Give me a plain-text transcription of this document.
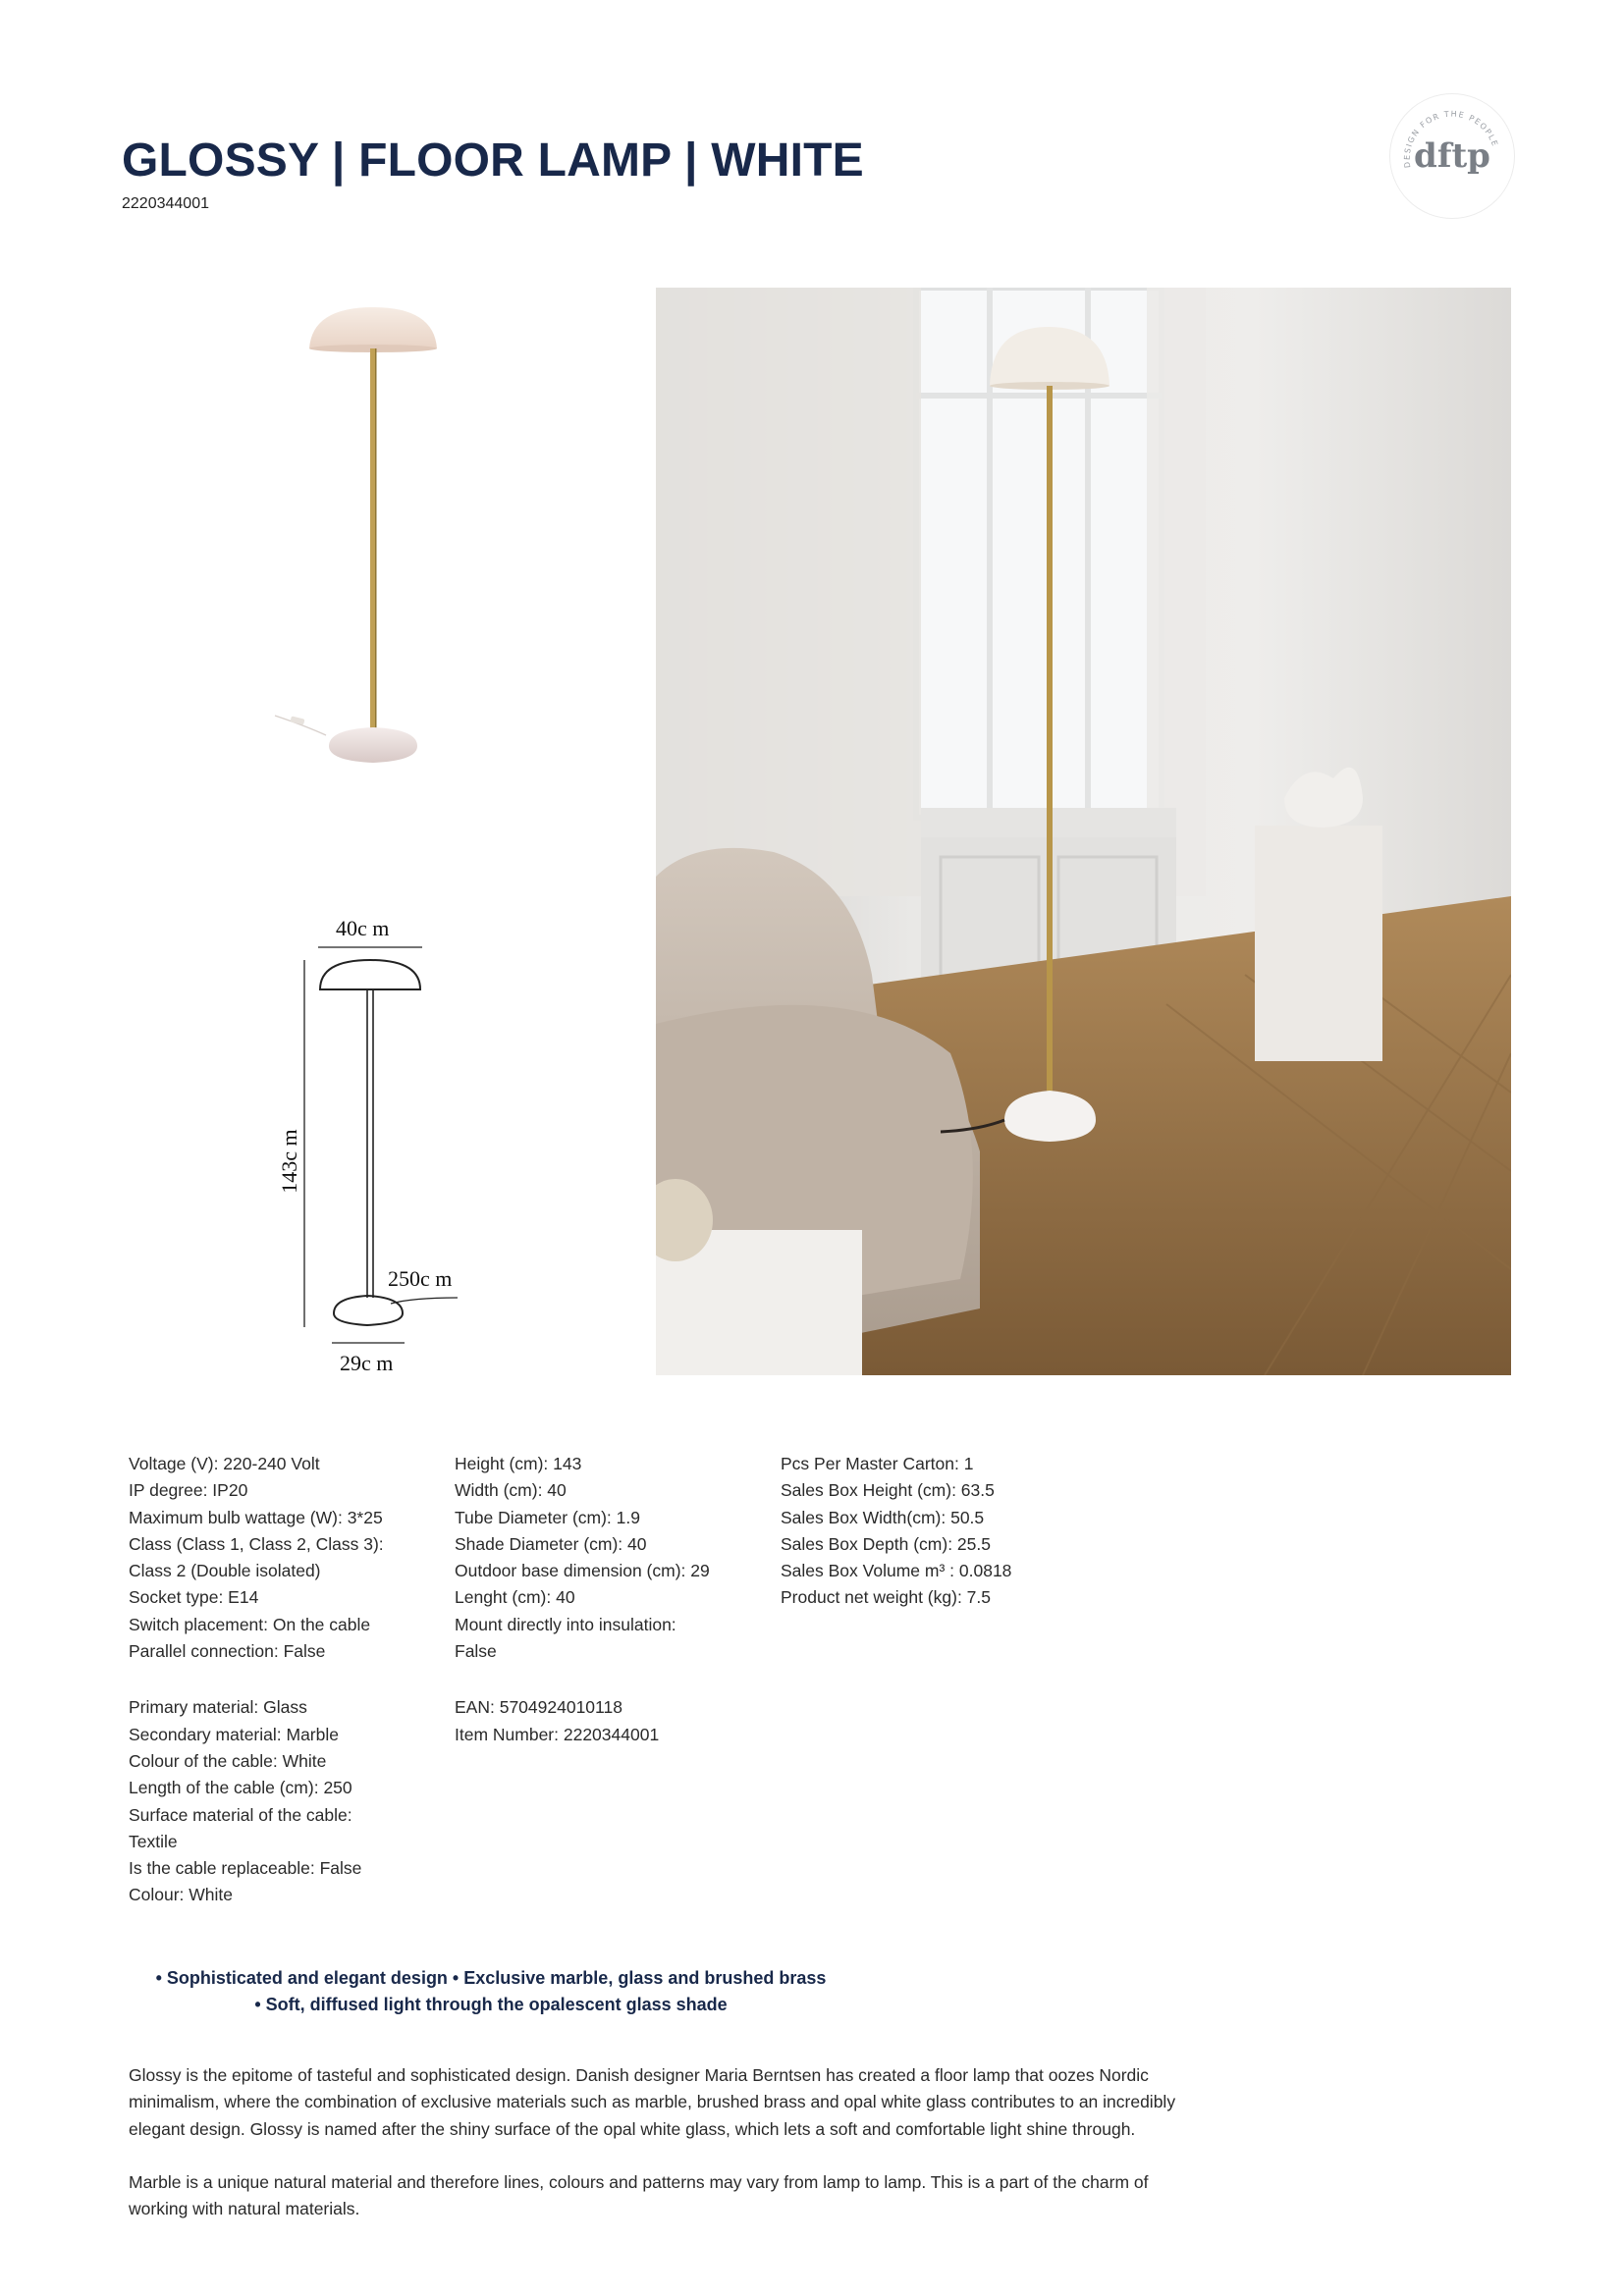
GLOSSY | FLOOR LAMP | WHITE
2220344001
DESIGN FOR THE PEOPLE
dftp
40c m
143c m
250c m
29c m
Voltage (V): 220-240 Volt
IP degree: IP20
Maximum bulb wattage (W): 3*25
Class (Class 1, Class 2, Class 3):
Class 2 (Double isolated)
Socket type: E14
Switch placement: On the cable
Parallel connection: False
Primary material: Glass
Secondary material: Marble
Colour of the cable: White
Length of the cable (cm): 250
Surface material of the cable:
Textile
Is the cable replaceable: False
Colour: White
Height (cm): 143
Width (cm): 40
Tube Diameter (cm): 1.9
Shade Diameter (cm): 40
Outdoor base dimension (cm): 29
Lenght (cm): 40
Mount directly into insulation:
False
EAN: 5704924010118
Item Number: 2220344001
Pcs Per Master Carton: 1
Sales Box Height (cm): 63.5
Sales Box Width(cm): 50.5
Sales Box Depth (cm): 25.5
Sales Box Volume m³ : 0.0818
Product net weight (kg): 7.5
• Sophisticated and elegant design • Exclusive marble, glass and brushed brass
• Soft, diffused light through the opalescent glass shade

Glossy is the epitome of tasteful and sophisticated design. Danish designer Maria Berntsen has created a floor lamp that oozes Nordic minimalism, where the combination of exclusive materials such as marble, brushed brass and opal white glass contributes to an incredibly elegant design. Glossy is named after the shiny surface of the opal white glass, which lets a soft and comfortable light shine through.

Marble is a unique natural material and therefore lines, colours and patterns may vary from lamp to lamp. This is a part of the charm of working with natural materials.
